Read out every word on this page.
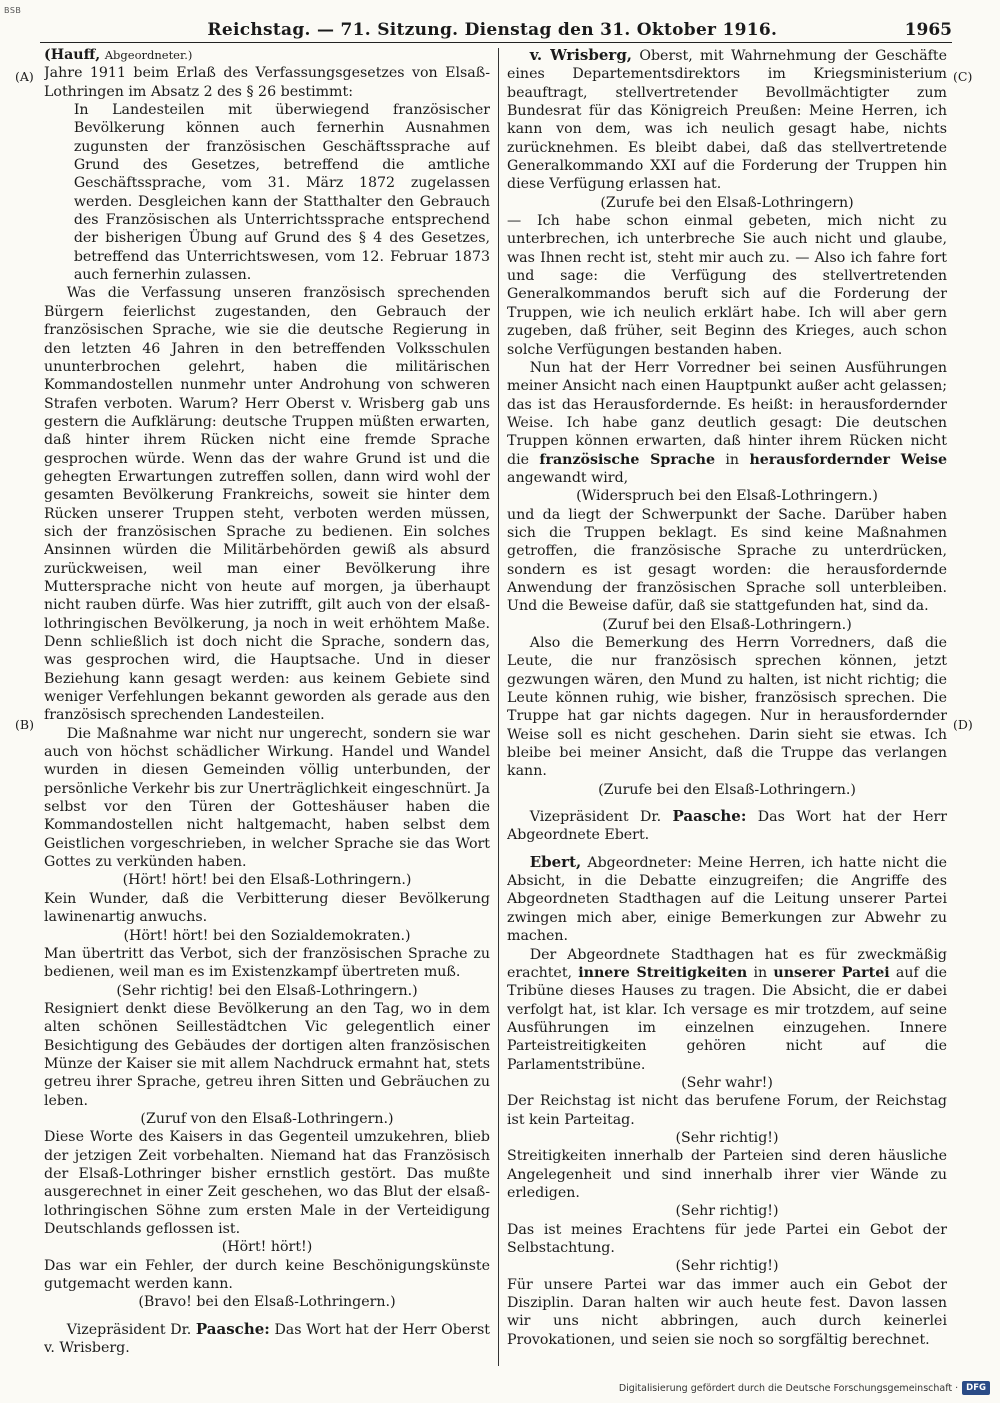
BSB
Reichstag. — 71. Sitzung. Dienstag den 31. Oktober 1916.	1965
(A)
(B)
(C)
(D)

(Hauff, Abgeordneter.)

Jahre 1911 beim Erlaß des Verfassungsgesetzes von Elsaß-Lothringen im Absatz 2 des § 26 bestimmt:

In Landesteilen mit überwiegend französischer Bevölkerung können auch fernerhin Ausnahmen zugunsten der französischen Geschäftssprache auf Grund des Gesetzes, betreffend die amtliche Geschäftssprache, vom 31. März 1872 zugelassen werden. Desgleichen kann der Statthalter den Gebrauch des Französischen als Unterrichtssprache entsprechend der bisherigen Übung auf Grund des § 4 des Gesetzes, betreffend das Unterrichtswesen, vom 12. Februar 1873 auch fernerhin zulassen.

Was die Verfassung unseren französisch sprechenden Bürgern feierlichst zugestanden, den Gebrauch der französischen Sprache, wie sie die deutsche Regierung in den letzten 46 Jahren in den betreffenden Volksschulen ununterbrochen gelehrt, haben die militärischen Kommandostellen nunmehr unter Androhung von schweren Strafen verboten. Warum? Herr Oberst v. Wrisberg gab uns gestern die Aufklärung: deutsche Truppen müßten erwarten, daß hinter ihrem Rücken nicht eine fremde Sprache gesprochen würde. Wenn das der wahre Grund ist und die gehegten Erwartungen zutreffen sollen, dann wird wohl der gesamten Bevölkerung Frankreichs, soweit sie hinter dem Rücken unserer Truppen steht, verboten werden müssen, sich der französischen Sprache zu bedienen. Ein solches Ansinnen würden die Militärbehörden gewiß als absurd zurückweisen, weil man einer Bevölkerung ihre Muttersprache nicht von heute auf morgen, ja überhaupt nicht rauben dürfe. Was hier zutrifft, gilt auch von der elsaß-lothringischen Bevölkerung, ja noch in weit erhöhtem Maße. Denn schließlich ist doch nicht die Sprache, sondern das, was gesprochen wird, die Hauptsache. Und in dieser Beziehung kann gesagt werden: aus keinem Gebiete sind weniger Verfehlungen bekannt geworden als gerade aus den französisch sprechenden Landesteilen.

Die Maßnahme war nicht nur ungerecht, sondern sie war auch von höchst schädlicher Wirkung. Handel und Wandel wurden in diesen Gemeinden völlig unterbunden, der persönliche Verkehr bis zur Unerträglichkeit eingeschnürt. Ja selbst vor den Türen der Gotteshäuser haben die Kommandostellen nicht haltgemacht, haben selbst dem Geistlichen vorgeschrieben, in welcher Sprache sie das Wort Gottes zu verkünden haben.

(Hört! hört! bei den Elsaß-Lothringern.)

Kein Wunder, daß die Verbitterung dieser Bevölkerung lawinenartig anwuchs.

(Hört! hört! bei den Sozialdemokraten.)

Man übertritt das Verbot, sich der französischen Sprache zu bedienen, weil man es im Existenzkampf übertreten muß.

(Sehr richtig! bei den Elsaß-Lothringern.)

Resigniert denkt diese Bevölkerung an den Tag, wo in dem alten schönen Seillestädtchen Vic gelegentlich einer Besichtigung des Gebäudes der dortigen alten französischen Münze der Kaiser sie mit allem Nachdruck ermahnt hat, stets getreu ihrer Sprache, getreu ihren Sitten und Gebräuchen zu leben.

(Zuruf von den Elsaß-Lothringern.)

Diese Worte des Kaisers in das Gegenteil umzukehren, blieb der jetzigen Zeit vorbehalten. Niemand hat das Französisch der Elsaß-Lothringer bisher ernstlich gestört. Das mußte ausgerechnet in einer Zeit geschehen, wo das Blut der elsaß-lothringischen Söhne zum ersten Male in der Verteidigung Deutschlands geflossen ist.

(Hört! hört!)

Das war ein Fehler, der durch keine Beschönigungskünste gutgemacht werden kann.

(Bravo! bei den Elsaß-Lothringern.)

Vizepräsident Dr. Paasche: Das Wort hat der Herr Oberst v. Wrisberg.

v. Wrisberg, Oberst, mit Wahrnehmung der Geschäfte eines Departementsdirektors im Kriegsministerium beauftragt, stellvertretender Bevollmächtigter zum Bundesrat für das Königreich Preußen: Meine Herren, ich kann von dem, was ich neulich gesagt habe, nichts zurücknehmen. Es bleibt dabei, daß das stellvertretende Generalkommando XXI auf die Forderung der Truppen hin diese Verfügung erlassen hat.

(Zurufe bei den Elsaß-Lothringern)

— Ich habe schon einmal gebeten, mich nicht zu unterbrechen, ich unterbreche Sie auch nicht und glaube, was Ihnen recht ist, steht mir auch zu. — Also ich fahre fort und sage: die Verfügung des stellvertretenden Generalkommandos beruft sich auf die Forderung der Truppen, wie ich neulich erklärt habe. Ich will aber gern zugeben, daß früher, seit Beginn des Krieges, auch schon solche Verfügungen bestanden haben.

Nun hat der Herr Vorredner bei seinen Ausführungen meiner Ansicht nach einen Hauptpunkt außer acht gelassen; das ist das Herausfordernde. Es heißt: in herausfordernder Weise. Ich habe ganz deutlich gesagt: Die deutschen Truppen können erwarten, daß hinter ihrem Rücken nicht die französische Sprache in herausfordernder Weise angewandt wird,

(Widerspruch bei den Elsaß-Lothringern.)

und da liegt der Schwerpunkt der Sache. Darüber haben sich die Truppen beklagt. Es sind keine Maßnahmen getroffen, die französische Sprache zu unterdrücken, sondern es ist gesagt worden: die herausfordernde Anwendung der französischen Sprache soll unterbleiben. Und die Beweise dafür, daß sie stattgefunden hat, sind da.

(Zuruf bei den Elsaß-Lothringern.)

Also die Bemerkung des Herrn Vorredners, daß die Leute, die nur französisch sprechen können, jetzt gezwungen wären, den Mund zu halten, ist nicht richtig; die Leute können ruhig, wie bisher, französisch sprechen. Die Truppe hat gar nichts dagegen. Nur in herausfordernder Weise soll es nicht geschehen. Darin sieht sie etwas. Ich bleibe bei meiner Ansicht, daß die Truppe das verlangen kann.

(Zurufe bei den Elsaß-Lothringern.)

Vizepräsident Dr. Paasche: Das Wort hat der Herr Abgeordnete Ebert.

Ebert, Abgeordneter: Meine Herren, ich hatte nicht die Absicht, in die Debatte einzugreifen; die Angriffe des Abgeordneten Stadthagen auf die Leitung unserer Partei zwingen mich aber, einige Bemerkungen zur Abwehr zu machen.

Der Abgeordnete Stadthagen hat es für zweckmäßig erachtet, innere Streitigkeiten in unserer Partei auf die Tribüne dieses Hauses zu tragen. Die Absicht, die er dabei verfolgt hat, ist klar. Ich versage es mir trotzdem, auf seine Ausführungen im einzelnen einzugehen. Innere Parteistreitigkeiten gehören nicht auf die Parlamentstribüne.

(Sehr wahr!)

Der Reichstag ist nicht das berufene Forum, der Reichstag ist kein Parteitag.

(Sehr richtig!)

Streitigkeiten innerhalb der Parteien sind deren häusliche Angelegenheit und sind innerhalb ihrer vier Wände zu erledigen.

(Sehr richtig!)

Das ist meines Erachtens für jede Partei ein Gebot der Selbstachtung.

(Sehr richtig!)

Für unsere Partei war das immer auch ein Gebot der Disziplin. Daran halten wir auch heute fest. Davon lassen wir uns nicht abbringen, auch durch keinerlei Provokationen, und seien sie noch so sorgfältig berechnet.

Digitalisierung gefördert durch die Deutsche Forschungsgemeinschaft · DFG
